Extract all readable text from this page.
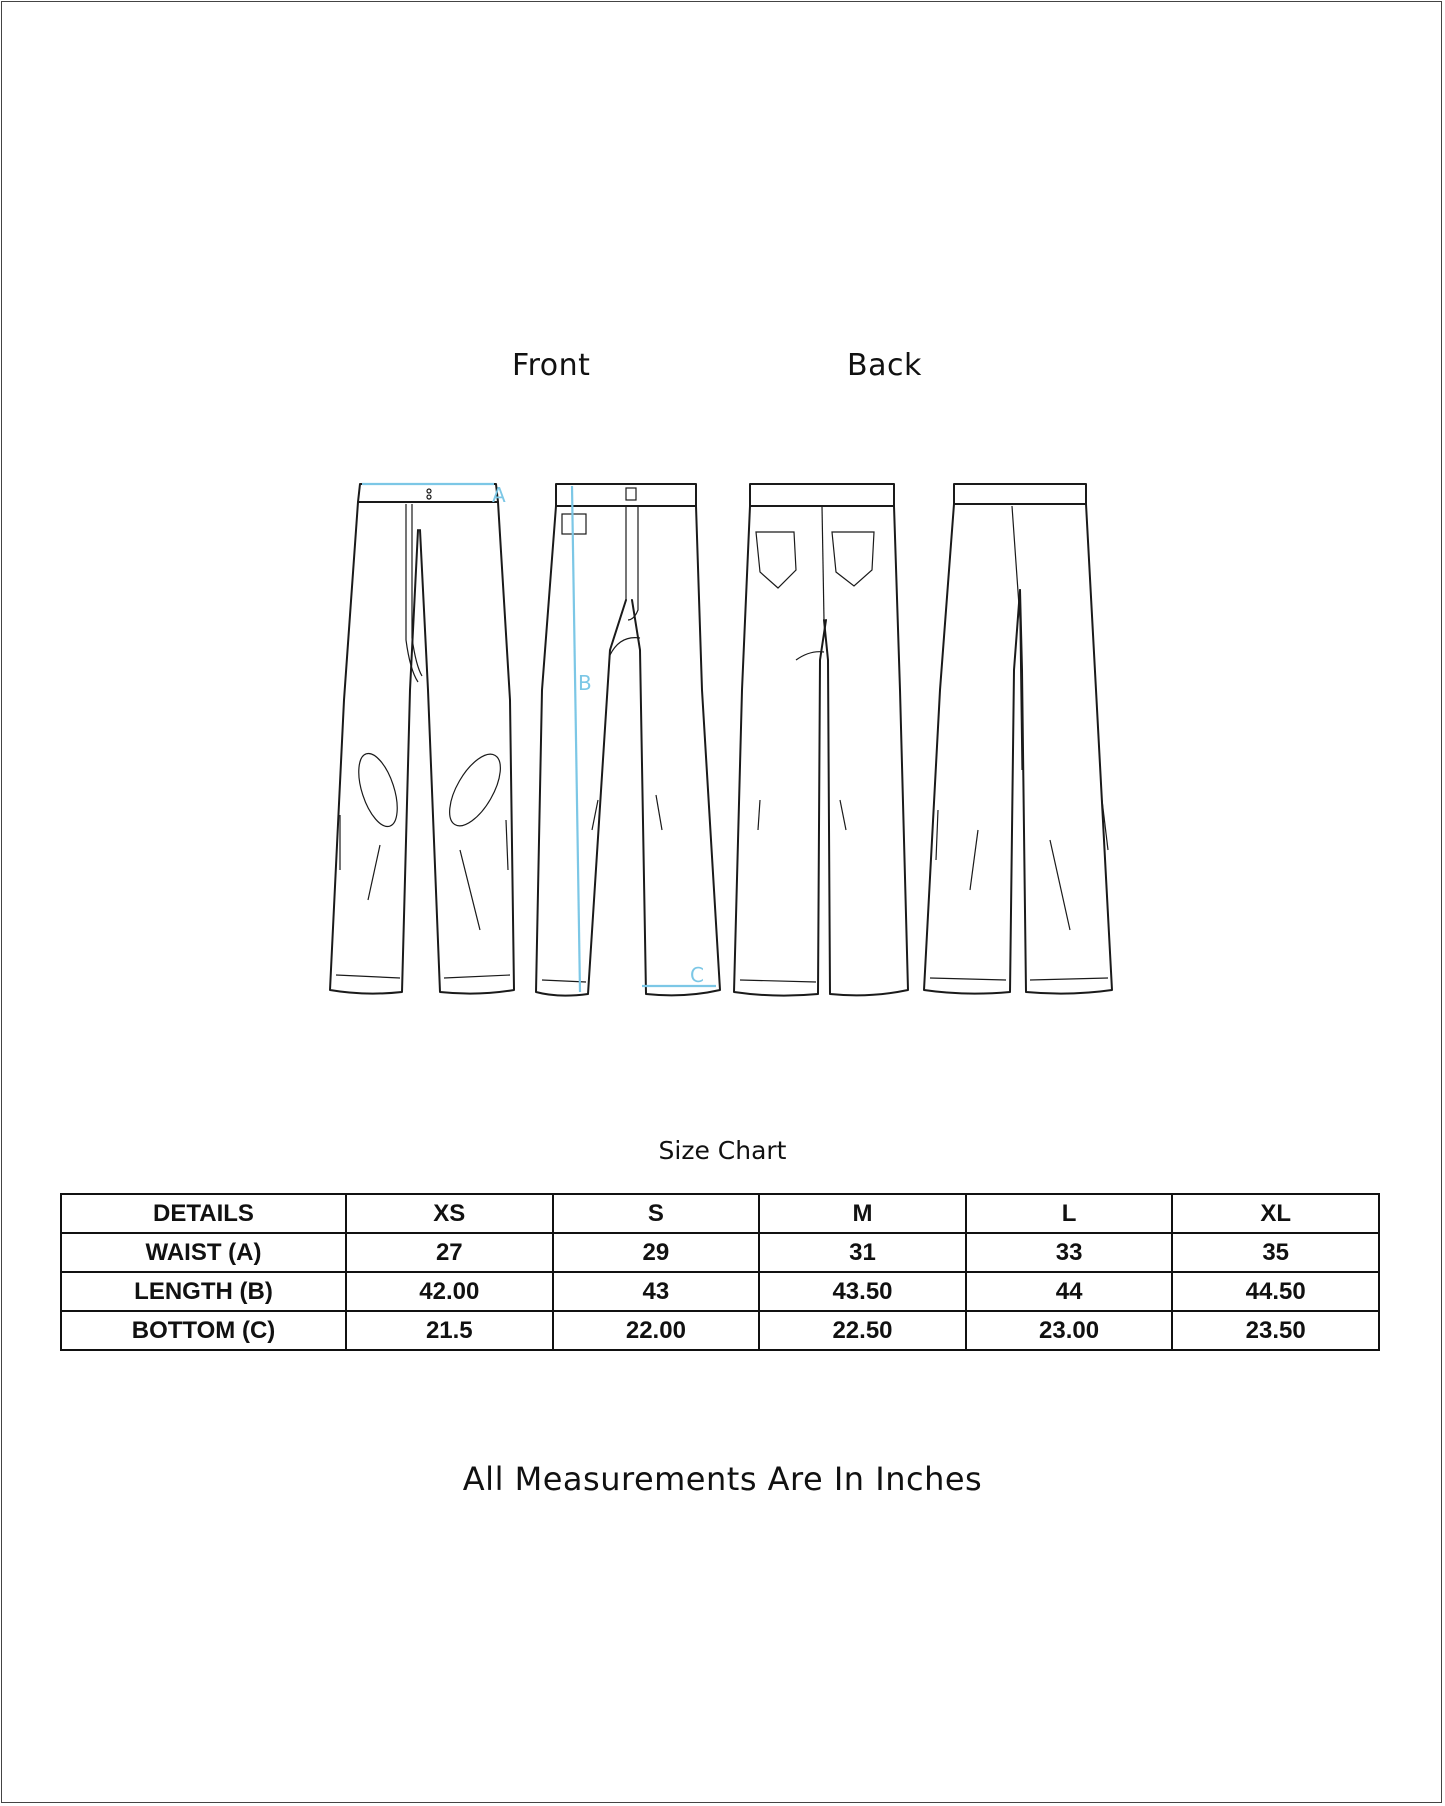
Front	Back
A
B
C
Size Chart
DETAILS	XS	S	M	L	XL
WAIST (A)	27	29	31	33	35
LENGTH (B)	42.00	43	43.50	44	44.50
BOTTOM (C)	21.5	22.00	22.50	23.00	23.50
All Measurements Are In Inches
